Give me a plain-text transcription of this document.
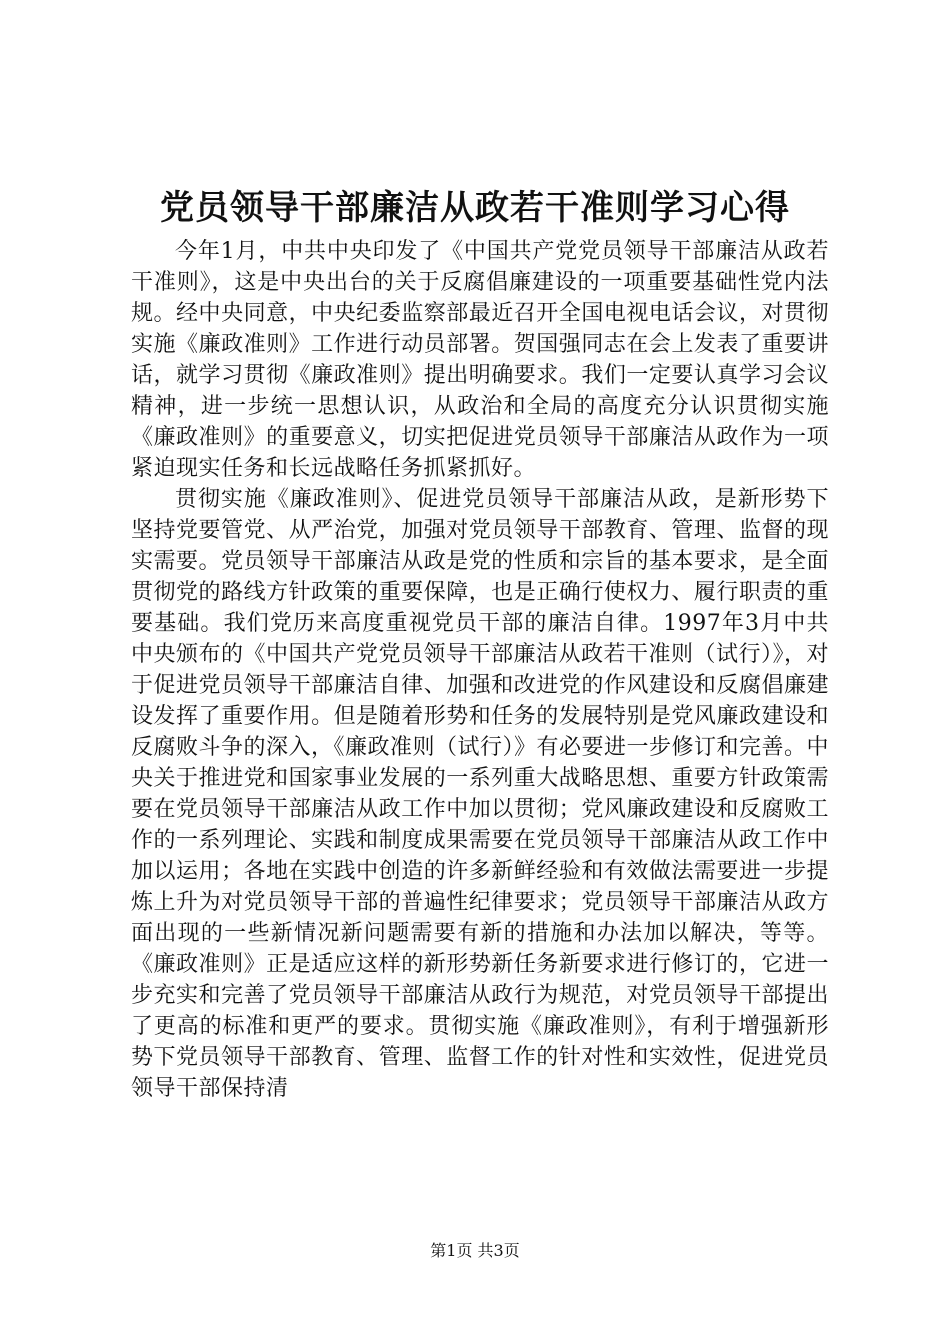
党员领导干部廉洁从政若干准则学习心得

今年1月，中共中央印发了《中国共产党党员领导干部廉洁从政若干准则》，这是中央出台的关于反腐倡廉建设的一项重要基础性党内法规。经中央同意，中央纪委监察部最近召开全国电视电话会议，对贯彻实施《廉政准则》工作进行动员部署。贺国强同志在会上发表了重要讲话，就学习贯彻《廉政准则》提出明确要求。我们一定要认真学习会议精神，进一步统一思想认识，从政治和全局的高度充分认识贯彻实施《廉政准则》的重要意义，切实把促进党员领导干部廉洁从政作为一项紧迫现实任务和长远战略任务抓紧抓好。

贯彻实施《廉政准则》、促进党员领导干部廉洁从政，是新形势下坚持党要管党、从严治党，加强对党员领导干部教育、管理、监督的现实需要。党员领导干部廉洁从政是党的性质和宗旨的基本要求，是全面贯彻党的路线方针政策的重要保障，也是正确行使权力、履行职责的重要基础。我们党历来高度重视党员干部的廉洁自律。1997年3月中共中央颁布的《中国共产党党员领导干部廉洁从政若干准则（试行）》，对于促进党员领导干部廉洁自律、加强和改进党的作风建设和反腐倡廉建设发挥了重要作用。但是随着形势和任务的发展特别是党风廉政建设和反腐败斗争的深入，《廉政准则（试行）》有必要进一步修订和完善。中央关于推进党和国家事业发展的一系列重大战略思想、重要方针政策需要在党员领导干部廉洁从政工作中加以贯彻；党风廉政建设和反腐败工作的一系列理论、实践和制度成果需要在党员领导干部廉洁从政工作中加以运用；各地在实践中创造的许多新鲜经验和有效做法需要进一步提炼上升为对党员领导干部的普遍性纪律要求；党员领导干部廉洁从政方面出现的一些新情况新问题需要有新的措施和办法加以解决，等等。《廉政准则》正是适应这样的新形势新任务新要求进行修订的，它进一步充实和完善了党员领导干部廉洁从政行为规范，对党员领导干部提出了更高的标准和更严的要求。贯彻实施《廉政准则》，有利于增强新形势下党员领导干部教育、管理、监督工作的针对性和实效性，促进党员领导干部保持清

第1页 共3页
